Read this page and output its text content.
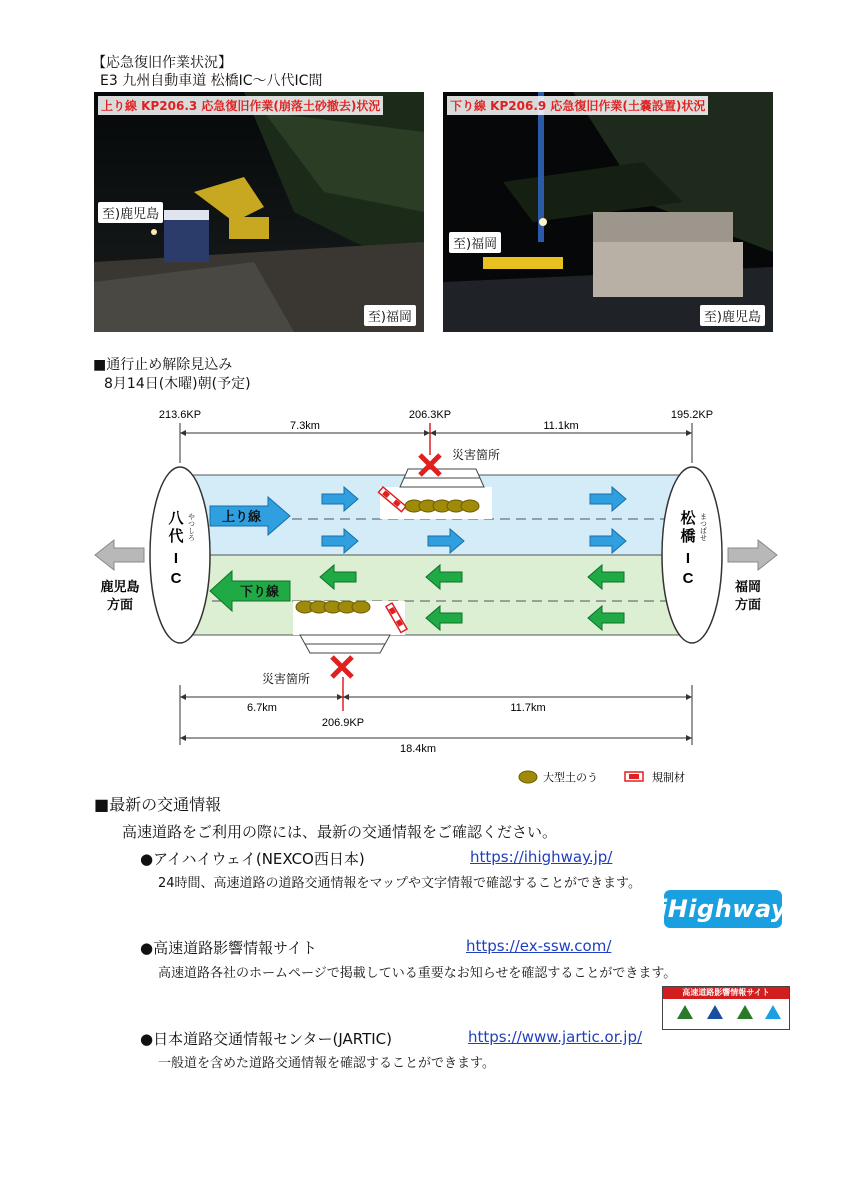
【応急復旧作業状況】
E3 九州自動車道 松橋IC～八代IC間
上り線 KP206.3 応急復旧作業(崩落土砂撤去)状況
至)鹿児島
至)福岡
下り線 KP206.9 応急復旧作業(土嚢設置)状況
至)福岡
至)鹿児島
■通行止め解除見込み
8月14日(木曜)朝(予定)
213.6KP	206.3KP	195.2KP
7.3km	11.1km
災害箇所
上り線
下り線
八
代
I
C
やつしろ	松
橋
I
C
まつばせ
鹿児島
方面
福岡
方面
災害箇所
6.7km	11.7km
206.9KP
18.4km
大型土のう	規制材
■最新の交通情報
高速道路をご利用の際には、最新の交通情報をご確認ください。
●アイハイウェイ(NEXCO西日本)	https://ihighway.jp/
24時間、高速道路の道路交通情報をマップや文字情報で確認することができます。
iHighway
●高速道路影響情報サイト	https://ex-ssw.com/
高速道路各社のホームページで掲載している重要なお知らせを確認することができます。
高速道路影響情報サイト
●日本道路交通情報センター(JARTIC)	https://www.jartic.or.jp/
一般道を含めた道路交通情報を確認することができます。
